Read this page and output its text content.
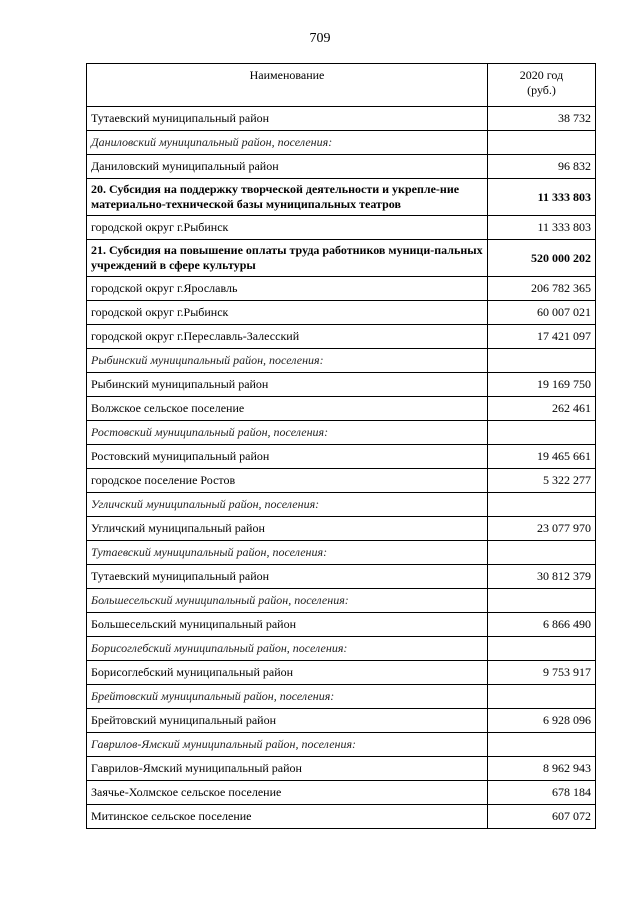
709
Наименование	2020 год
(руб.)
Тутаевский муниципальный район	38 732
Даниловский муниципальный район, поселения:	
Даниловский муниципальный район	96 832
20. Субсидия на поддержку творческой деятельности и укрепле-ние материально-технической базы муниципальных театров	11 333 803
городской округ г.Рыбинск	11 333 803
21. Субсидия на повышение оплаты труда работников муници-пальных учреждений в сфере культуры	520 000 202
городской округ г.Ярославль	206 782 365
городской округ г.Рыбинск	60 007 021
городской округ г.Переславль-Залесский	17 421 097
Рыбинский муниципальный район, поселения:	
Рыбинский муниципальный район	19 169 750
Волжское сельское поселение	262 461
Ростовский муниципальный район, поселения:	
Ростовский муниципальный район	19 465 661
городское поселение Ростов	5 322 277
Угличский муниципальный район, поселения:	
Угличский муниципальный район	23 077 970
Тутаевский муниципальный район, поселения:	
Тутаевский муниципальный район	30 812 379
Большесельский муниципальный район, поселения:	
Большесельский муниципальный район	6 866 490
Борисоглебский муниципальный район, поселения:	
Борисоглебский муниципальный район	9 753 917
Брейтовский муниципальный район, поселения:	
Брейтовский муниципальный район	6 928 096
Гаврилов-Ямский муниципальный район, поселения:	
Гаврилов-Ямский муниципальный район	8 962 943
Заячье-Холмское сельское поселение	678 184
Митинское сельское поселение	607 072
